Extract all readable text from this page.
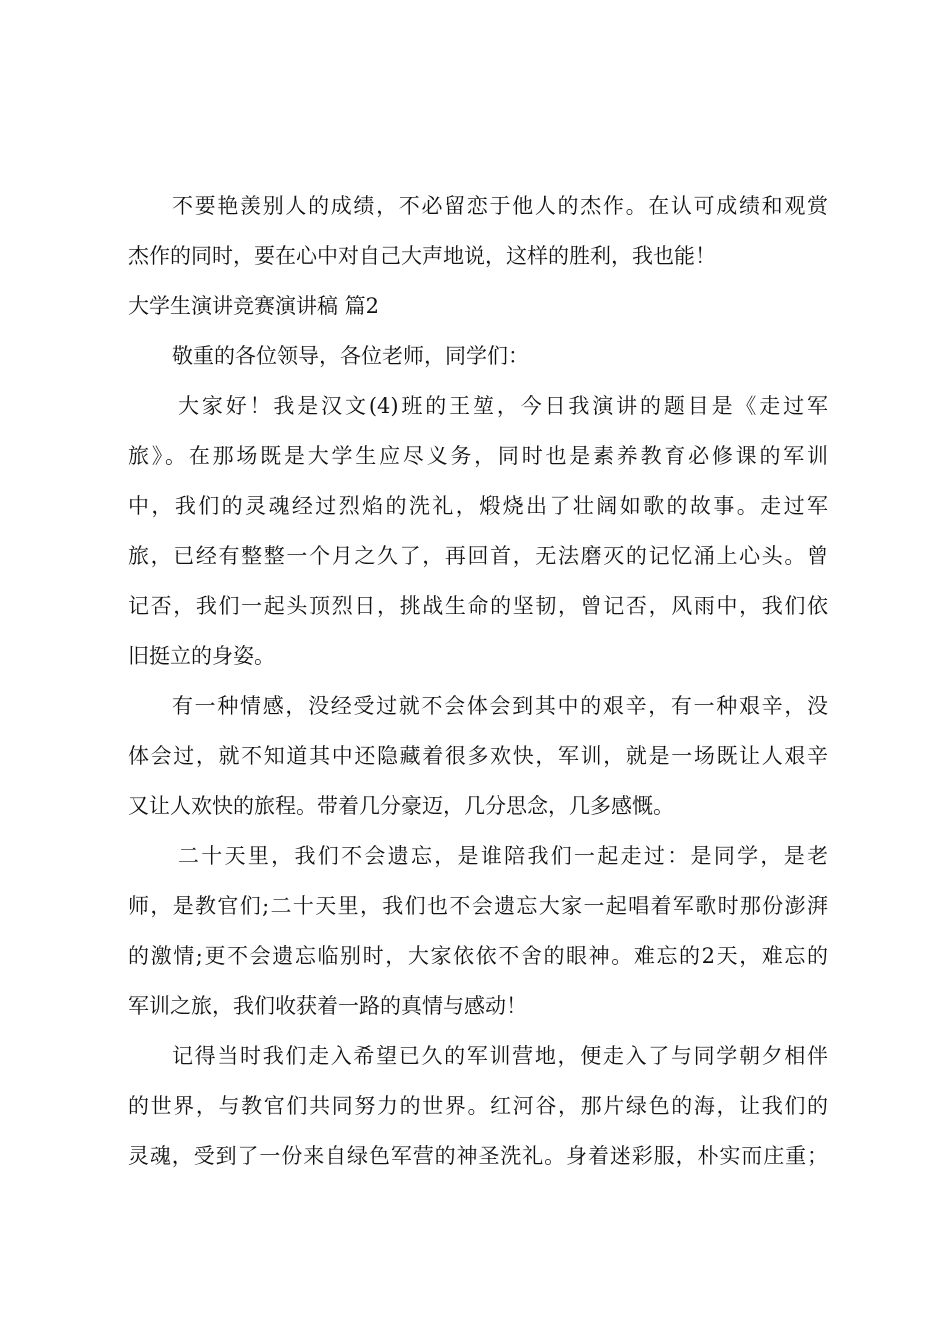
不要艳羡别人的成绩，不必留恋于他人的杰作。在认可成绩和观赏
杰作的同时，要在心中对自己大声地说，这样的胜利，我也能！
大学生演讲竞赛演讲稿 篇2
敬重的各位领导，各位老师，同学们：
大家好！我是汉文(4)班的王堃，今日我演讲的题目是《走过军
旅》。在那场既是大学生应尽义务，同时也是素养教育必修课的军训
中，我们的灵魂经过烈焰的洗礼，煅烧出了壮阔如歌的故事。走过军
旅，已经有整整一个月之久了，再回首，无法磨灭的记忆涌上心头。曾
记否，我们一起头顶烈日，挑战生命的坚韧，曾记否，风雨中，我们依
旧挺立的身姿。
有一种情感，没经受过就不会体会到其中的艰辛，有一种艰辛，没
体会过，就不知道其中还隐藏着很多欢快，军训，就是一场既让人艰辛
又让人欢快的旅程。带着几分豪迈，几分思念，几多感慨。
二十天里，我们不会遗忘，是谁陪我们一起走过：是同学，是老
师，是教官们;二十天里，我们也不会遗忘大家一起唱着军歌时那份澎湃
的激情;更不会遗忘临别时，大家依依不舍的眼神。难忘的2天，难忘的
军训之旅，我们收获着一路的真情与感动！
记得当时我们走入希望已久的军训营地，便走入了与同学朝夕相伴
的世界，与教官们共同努力的世界。红河谷，那片绿色的海，让我们的
灵魂，受到了一份来自绿色军营的神圣洗礼。身着迷彩服，朴实而庄重；
